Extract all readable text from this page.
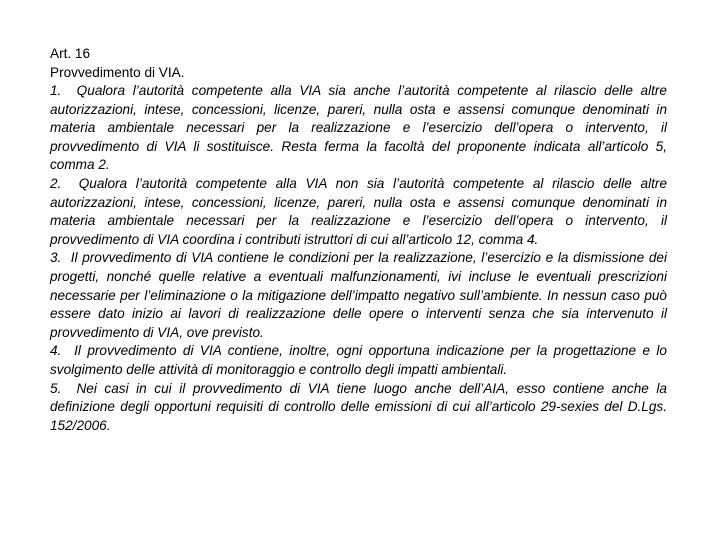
Art. 16

Provvedimento di VIA.

1.  Qualora l’autorità competente alla VIA sia anche l’autorità competente al rilascio delle altre autorizzazioni, intese, concessioni, licenze, pareri, nulla osta e assensi comunque denominati in materia ambientale necessari per la realizzazione e l’esercizio dell’opera o intervento, il provvedimento di VIA li sostituisce. Resta ferma la facoltà del proponente indicata all’articolo 5, comma 2.

2.  Qualora l’autorità competente alla VIA non sia l’autorità competente al rilascio delle altre autorizzazioni, intese, concessioni, licenze, pareri, nulla osta e assensi comunque denominati in materia ambientale necessari per la realizzazione e l’esercizio dell’opera o intervento, il provvedimento di VIA coordina i contributi istruttori di cui all’articolo 12, comma 4.

3.  Il provvedimento di VIA contiene le condizioni per la realizzazione, l’esercizio e la dismissione dei progetti, nonché quelle relative a eventuali malfunzionamenti, ivi incluse le eventuali prescrizioni necessarie per l’eliminazione o la mitigazione dell’impatto negativo sull’ambiente. In nessun caso può essere dato inizio ai lavori di realizzazione delle opere o interventi senza che sia intervenuto il provvedimento di VIA, ove previsto.

4.  Il provvedimento di VIA contiene, inoltre, ogni opportuna indicazione per la progettazione e lo svolgimento delle attività di monitoraggio e controllo degli impatti ambientali.

5.  Nei casi in cui il provvedimento di VIA tiene luogo anche dell’AIA, esso contiene anche la definizione degli opportuni requisiti di controllo delle emissioni di cui all’articolo 29-sexies del D.Lgs. 152/2006.
